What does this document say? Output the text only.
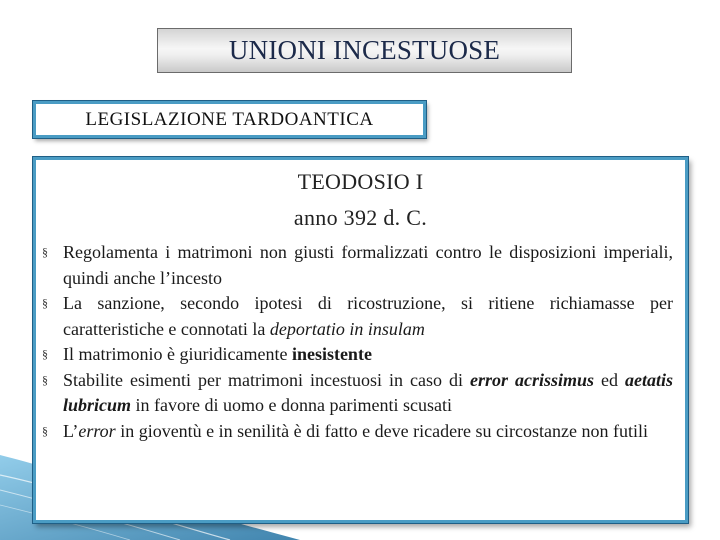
UNIONI INCESTUOSE
LEGISLAZIONE TARDOANTICA
TEODOSIO I
anno 392 d. C.
§ Regolamenta i matrimoni non giusti formalizzati contro le disposizioni imperiali, quindi anche l’incesto
§ La sanzione, secondo ipotesi di ricostruzione, si ritiene richiamasse per caratteristiche e connotati la deportatio in insulam
§ Il matrimonio è giuridicamente inesistente
§ Stabilite esimenti per matrimoni incestuosi in caso di error acrissimus ed aetatis lubricum in favore di uomo e donna parimenti scusati
§ L’error in gioventù e in senilità è di fatto e deve ricadere su circostanze non futili
